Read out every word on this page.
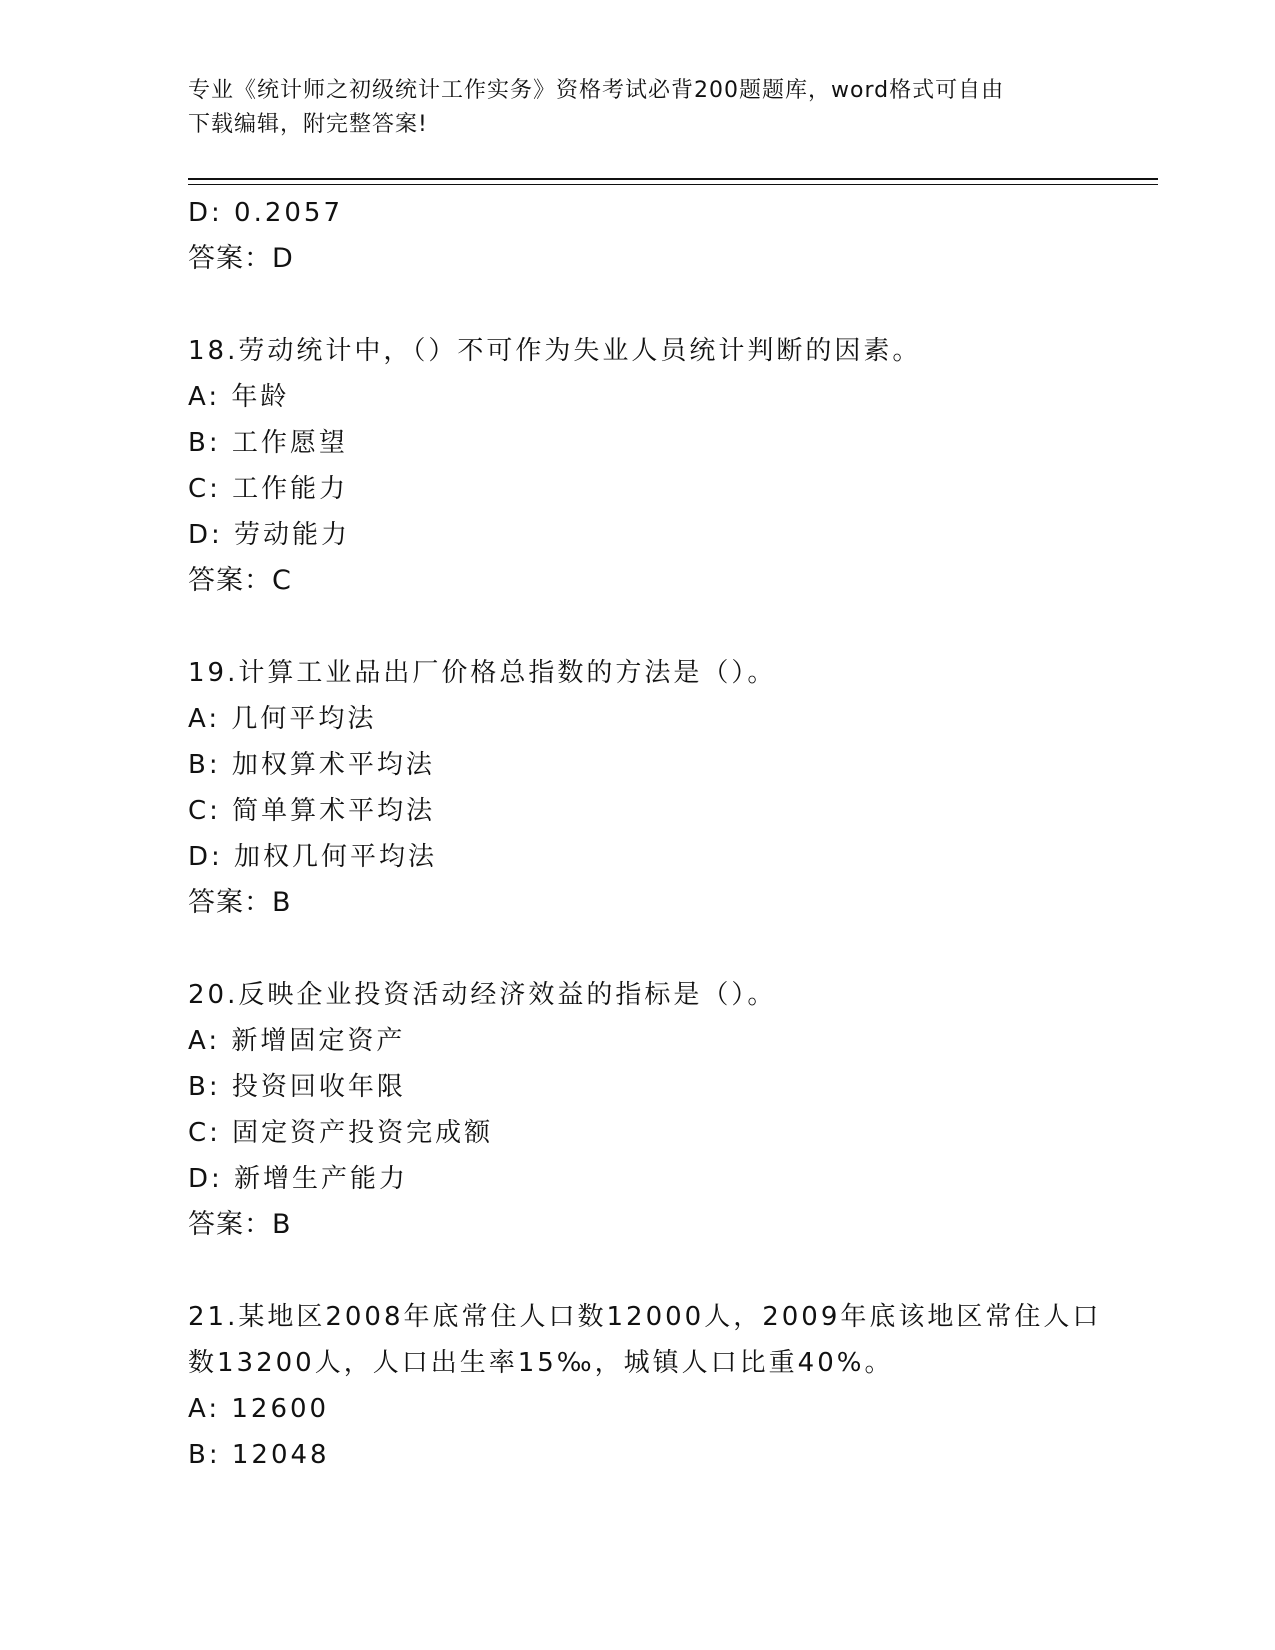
专业《统计师之初级统计工作实务》资格考试必背200题题库，word格式可自由
下载编辑，附完整答案!
D: 0.2057
答案：D
18.劳动统计中，（）不可作为失业人员统计判断的因素。
A: 年龄
B: 工作愿望
C: 工作能力
D: 劳动能力
答案：C
19.计算工业品出厂价格总指数的方法是（）。
A: 几何平均法
B: 加权算术平均法
C: 简单算术平均法
D: 加权几何平均法
答案：B
20.反映企业投资活动经济效益的指标是（）。
A: 新增固定资产
B: 投资回收年限
C: 固定资产投资完成额
D: 新增生产能力
答案：B
21.某地区2008年底常住人口数12000人，2009年底该地区常住人口
数13200人，人口出生率15‰，城镇人口比重40%。
A: 12600
B: 12048
